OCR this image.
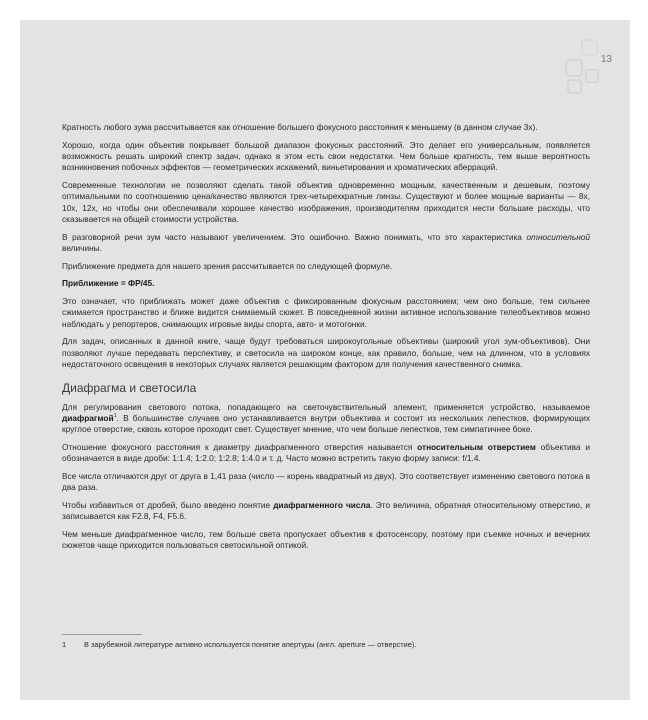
13

Кратность любого зума рассчитывается как отношение большего фокусного расстояния к меньшему (в данном случае 3х).

Хорошо, когда один объектив покрывает большой диапазон фокусных расстояний. Это делает его универсальным, появляется возможность решать широкий спектр задач, однако в этом есть свои недостатки. Чем больше кратность, тем выше вероятность возникновения побочных эффектов — геометрических искажений, виньетирования и хроматических аберраций.

Современные технологии не позволяют сделать такой объектив одновременно мощным, качественным и дешевым, поэтому оптимальными по соотношению цена/качество являются трех-четырехкратные линзы. Существуют и более мощные варианты — 8х, 10х, 12х, но чтобы они обеспечивали хорошее качество изображения, производителям приходится нести большие расходы, что сказывается на общей стоимости устройства.

В разговорной речи зум часто называют увеличением. Это ошибочно. Важно понимать, что это характеристика относительной величины.

Приближение предмета для нашего зрения рассчитывается по следующей формуле.

Приближение = ФР/45.

Это означает, что приближать может даже объектив с фиксированным фокусным расстоянием; чем оно больше, тем сильнее сжимается пространство и ближе видится снимаемый сюжет. В повседневной жизни активное использование телеобъективов можно наблюдать у репортеров, снимающих игровые виды спорта, авто- и мотогонки.

Для задач, описанных в данной книге, чаще будут требоваться широкоугольные объективы (широкий угол зум-объективов). Они позволяют лучше передавать перспективу, и светосила на широком конце, как правило, больше, чем на длинном, что в условиях недостаточного освещения в некоторых случаях является решающим фактором для получения качественного снимка.

Диафрагма и светосила

Для регулирования светового потока, попадающего на светочувствительный элемент, применяется устройство, называемое диафрагмой$^1$. В большинстве случаев оно устанавливается внутри объектива и состоит из нескольких лепестков, формирующих круглое отверстие, сквозь которое проходит свет. Существует мнение, что чем больше лепестков, тем симпатичнее боке.

Отношение фокусного расстояния к диаметру диафрагменного отверстия называется относительным отверстием объектива и обозначается в виде дроби: 1:1.4; 1:2.0; 1:2.8; 1:4.0 и т. д. Часто можно встретить такую форму записи: f/1.4.

Все числа отличаются друг от друга в 1,41 раза (число — корень квадратный из двух). Это соответствует изменению светового потока в два раза.

Чтобы избавиться от дробей, было введено понятие диафрагменного числа. Это величина, обратная относительному отверстию, и записывается как F2.8, F4, F5.6.

Чем меньше диафрагменное число, тем больше света пропускает объектив к фотосенсору, поэтому при съемке ночных и вечерних сюжетов чаще приходится пользоваться светосильной оптикой.

1 В зарубежной литературе активно используется понятие апертуры (англ. aperture — отверстие).
